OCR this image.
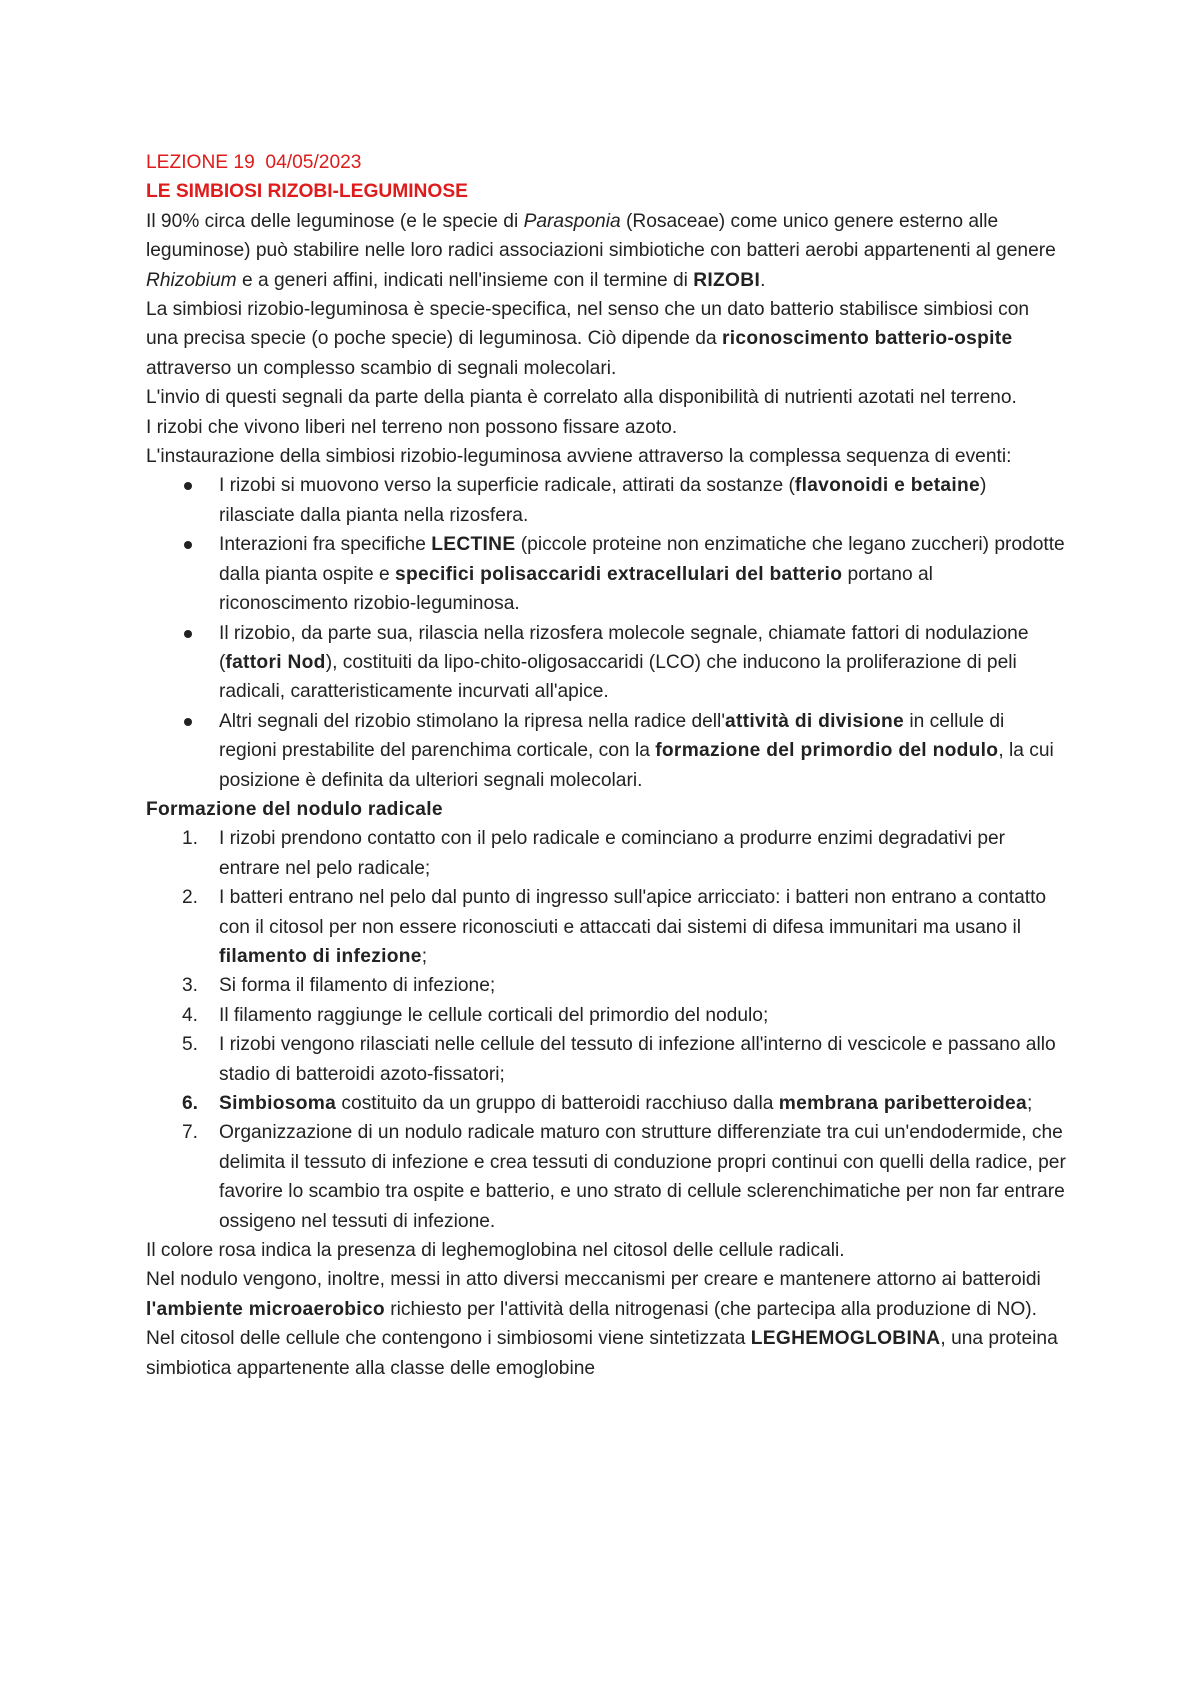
LEZIONE 19  04/05/2023

LE SIMBIOSI RIZOBI-LEGUMINOSE

Il 90% circa delle leguminose (e le specie di Parasponia (Rosaceae) come unico genere esterno alle leguminose) può stabilire nelle loro radici associazioni simbiotiche con batteri aerobi appartenenti al genere Rhizobium e a generi affini, indicati nell'insieme con il termine di RIZOBI.

La simbiosi rizobio-leguminosa è specie-specifica, nel senso che un dato batterio stabilisce simbiosi con una precisa specie (o poche specie) di leguminosa. Ciò dipende da riconoscimento batterio-ospite attraverso un complesso scambio di segnali molecolari.

L'invio di questi segnali da parte della pianta è correlato alla disponibilità di nutrienti azotati nel terreno.

I rizobi che vivono liberi nel terreno non possono fissare azoto.

L'instaurazione della simbiosi rizobio-leguminosa avviene attraverso la complessa sequenza di eventi:

I rizobi si muovono verso la superficie radicale, attirati da sostanze (flavonoidi e betaine) rilasciate dalla pianta nella rizosfera.
Interazioni fra specifiche LECTINE (piccole proteine non enzimatiche che legano zuccheri) prodotte dalla pianta ospite e specifici polisaccaridi extracellulari del batterio portano al riconoscimento rizobio-leguminosa.
Il rizobio, da parte sua, rilascia nella rizosfera molecole segnale, chiamate fattori di nodulazione (fattori Nod), costituiti da lipo-chito-oligosaccaridi (LCO) che inducono la proliferazione di peli radicali, caratteristicamente incurvati all'apice.
Altri segnali del rizobio stimolano la ripresa nella radice dell'attività di divisione in cellule di regioni prestabilite del parenchima corticale, con la formazione del primordio del nodulo, la cui posizione è definita da ulteriori segnali molecolari.

Formazione del nodulo radicale

1. I rizobi prendono contatto con il pelo radicale e cominciano a produrre enzimi degradativi per entrare nel pelo radicale;
2. I batteri entrano nel pelo dal punto di ingresso sull'apice arricciato: i batteri non entrano a contatto con il citosol per non essere riconosciuti e attaccati dai sistemi di difesa immunitari ma usano il filamento di infezione;
3. Si forma il filamento di infezione;
4. Il filamento raggiunge le cellule corticali del primordio del nodulo;
5. I rizobi vengono rilasciati nelle cellule del tessuto di infezione all'interno di vescicole e passano allo stadio di batteroidi azoto-fissatori;
6. Simbiosoma costituito da un gruppo di batteroidi racchiuso dalla membrana paribetteroidea;
7. Organizzazione di un nodulo radicale maturo con strutture differenziate tra cui un'endodermide, che delimita il tessuto di infezione e crea tessuti di conduzione propri continui con quelli della radice, per favorire lo scambio tra ospite e batterio, e uno strato di cellule sclerenchimatiche per non far entrare ossigeno nel tessuti di infezione.

Il colore rosa indica la presenza di leghemoglobina nel citosol delle cellule radicali.

Nel nodulo vengono, inoltre, messi in atto diversi meccanismi per creare e mantenere attorno ai batteroidi l'ambiente microaerobico richiesto per l'attività della nitrogenasi (che partecipa alla produzione di NO).

Nel citosol delle cellule che contengono i simbiosomi viene sintetizzata LEGHEMOGLOBINA, una proteina simbiotica appartenente alla classe delle emoglobine
